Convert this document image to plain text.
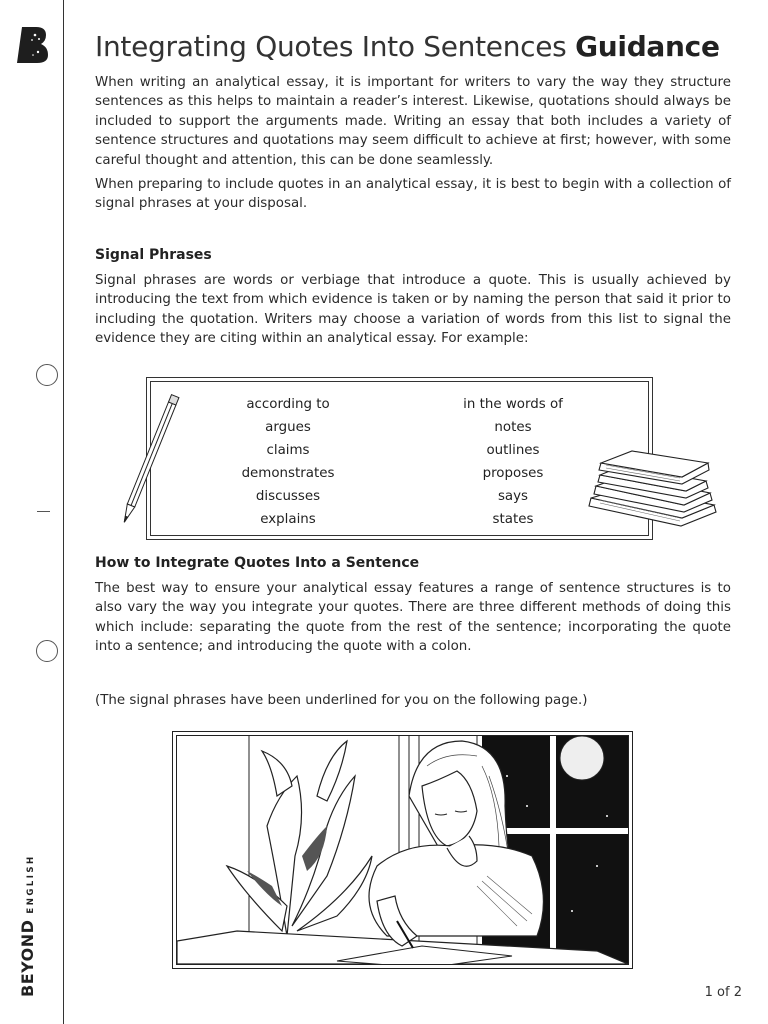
BEYONDENGLISH
Integrating Quotes Into Sentences Guidance

When writing an analytical essay, it is important for writers to vary the way they structure sentences as this helps to maintain a reader’s interest. Likewise, quotations should always be included to support the arguments made. Writing an essay that both includes a variety of sentence structures and quotations may seem difficult to achieve at first; however, with some careful thought and attention, this can be done seamlessly.

When preparing to include quotes in an analytical essay, it is best to begin with a collection of signal phrases at your disposal.

Signal Phrases

Signal phrases are words or verbiage that introduce a quote. This is usually achieved by introducing the text from which evidence is taken or by naming the person that said it prior to including the quotation. Writers may choose a variation of words from this list to signal the evidence they are citing within an analytical essay. For example:

according to
argues
claims
demonstrates
discusses
explains
in the words of
notes
outlines
proposes
says
states
How to Integrate Quotes Into a Sentence

The best way to ensure your analytical essay features a range of sentence structures is to also vary the way you integrate your quotes. There are three different methods of doing this which include: separating the quote from the rest of the sentence; incorporating the quote into a sentence; and introducing the quote with a colon.

(The signal phrases have been underlined for you on the following page.)

1 of 2
